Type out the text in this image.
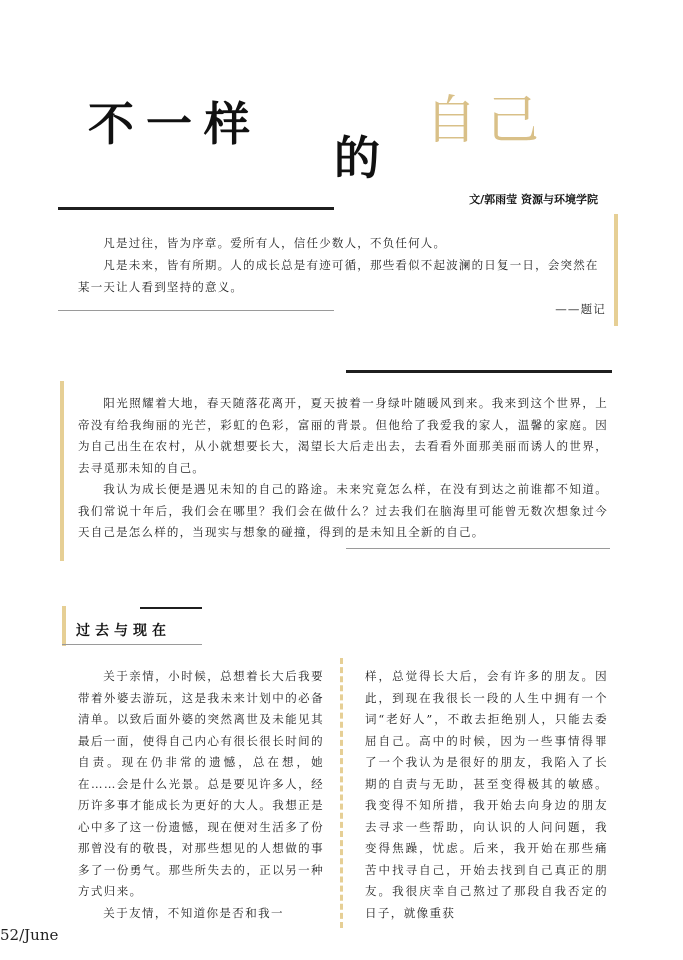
不一样
的
自己
文/郭雨莹 资源与环境学院

凡是过往，皆为序章。爱所有人，信任少数人，不负任何人。

凡是未来，皆有所期。人的成长总是有迹可循，那些看似不起波澜的日复一日，会突然在某一天让人看到坚持的意义。

——题记

阳光照耀着大地，春天随落花离开，夏天披着一身绿叶随暖风到来。我来到这个世界，上帝没有给我绚丽的光芒，彩虹的色彩，富丽的背景。但他给了我爱我的家人，温馨的家庭。因为自己出生在农村，从小就想要长大，渴望长大后走出去，去看看外面那美丽而诱人的世界，去寻觅那未知的自己。

我认为成长便是遇见未知的自己的路途。未来究竟怎么样，在没有到达之前谁都不知道。我们常说十年后，我们会在哪里？我们会在做什么？过去我们在脑海里可能曾无数次想象过今天自己是怎么样的，当现实与想象的碰撞，得到的是未知且全新的自己。

过去与现在

关于亲情，小时候，总想着长大后我要带着外婆去游玩，这是我未来计划中的必备清单。以致后面外婆的突然离世及未能见其最后一面，使得自己内心有很长很长时间的自责。现在仍非常的遗憾，总在想，她在……会是什么光景。总是要见许多人，经历许多事才能成长为更好的大人。我想正是心中多了这一份遗憾，现在便对生活多了份那曾没有的敬畏，对那些想见的人想做的事多了一份勇气。那些所失去的，正以另一种方式归来。

关于友情，不知道你是否和我一

样，总觉得长大后，会有许多的朋友。因此，到现在我很长一段的人生中拥有一个词“老好人”，不敢去拒绝别人，只能去委屈自己。高中的时候，因为一些事情得罪了一个我认为是很好的朋友，我陷入了长期的自责与无助，甚至变得极其的敏感。我变得不知所措，我开始去向身边的朋友去寻求一些帮助，向认识的人问问题，我变得焦躁，忧虑。后来，我开始在那些痛苦中找寻自己，开始去找到自己真正的朋友。我很庆幸自己熬过了那段自我否定的日子，就像重获

52/June
